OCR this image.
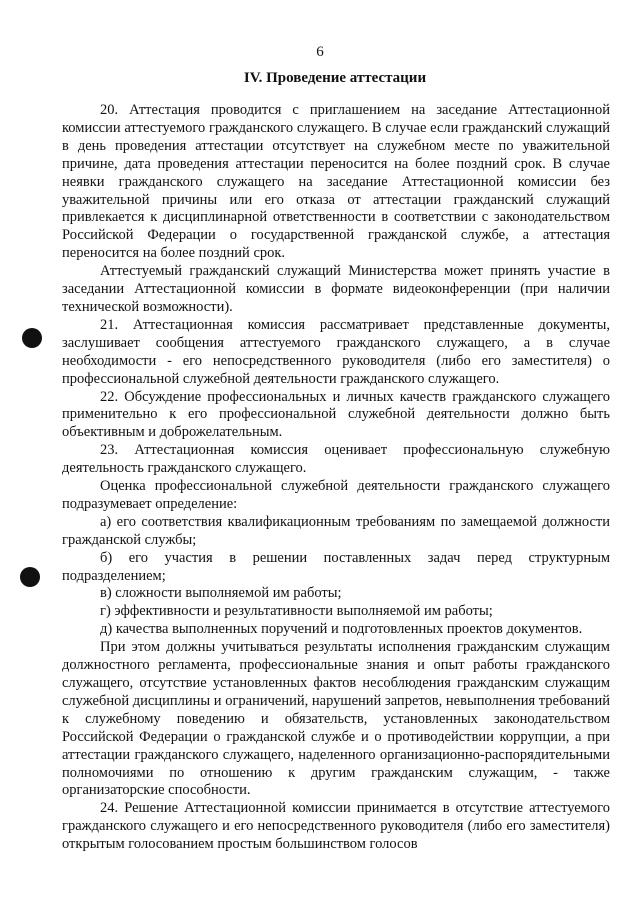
6
IV. Проведение аттестации

20. Аттестация проводится с приглашением на заседание Аттестационной комиссии аттестуемого гражданского служащего. В случае если гражданский служащий в день проведения аттестации отсутствует на служебном месте по уважительной причине, дата проведения аттестации переносится на более поздний срок. В случае неявки гражданского служащего на заседание Аттестационной комиссии без уважительной причины или его отказа от аттестации гражданский служащий привлекается к дисциплинарной ответственности в соответствии с законодательством Российской Федерации о государственной гражданской службе, а аттестация переносится на более поздний срок.

Аттестуемый гражданский служащий Министерства может принять участие в заседании Аттестационной комиссии в формате видеоконференции (при наличии технической возможности).

21. Аттестационная комиссия рассматривает представленные документы, заслушивает сообщения аттестуемого гражданского служащего, а в случае необходимости - его непосредственного руководителя (либо его заместителя) о профессиональной служебной деятельности гражданского служащего.

22. Обсуждение профессиональных и личных качеств гражданского служащего применительно к его профессиональной служебной деятельности должно быть объективным и доброжелательным.

23. Аттестационная комиссия оценивает профессиональную служебную деятельность гражданского служащего.

Оценка профессиональной служебной деятельности гражданского служащего подразумевает определение:

а) его соответствия квалификационным требованиям по замещаемой должности гражданской службы;

б) его участия в решении поставленных задач перед структурным подразделением;

в) сложности выполняемой им работы;

г) эффективности и результативности выполняемой им работы;

д) качества выполненных поручений и подготовленных проектов документов.

При этом должны учитываться результаты исполнения гражданским служащим должностного регламента, профессиональные знания и опыт работы гражданского служащего, отсутствие установленных фактов несоблюдения гражданским служащим служебной дисциплины и ограничений, нарушений запретов, невыполнения требований к служебному поведению и обязательств, установленных законодательством Российской Федерации о гражданской службе и о противодействии коррупции, а при аттестации гражданского служащего, наделенного организационно-распорядительными полномочиями по отношению к другим гражданским служащим, - также организаторские способности.

24. Решение Аттестационной комиссии принимается в отсутствие аттестуемого гражданского служащего и его непосредственного руководителя (либо его заместителя) открытым голосованием простым большинством голосов
